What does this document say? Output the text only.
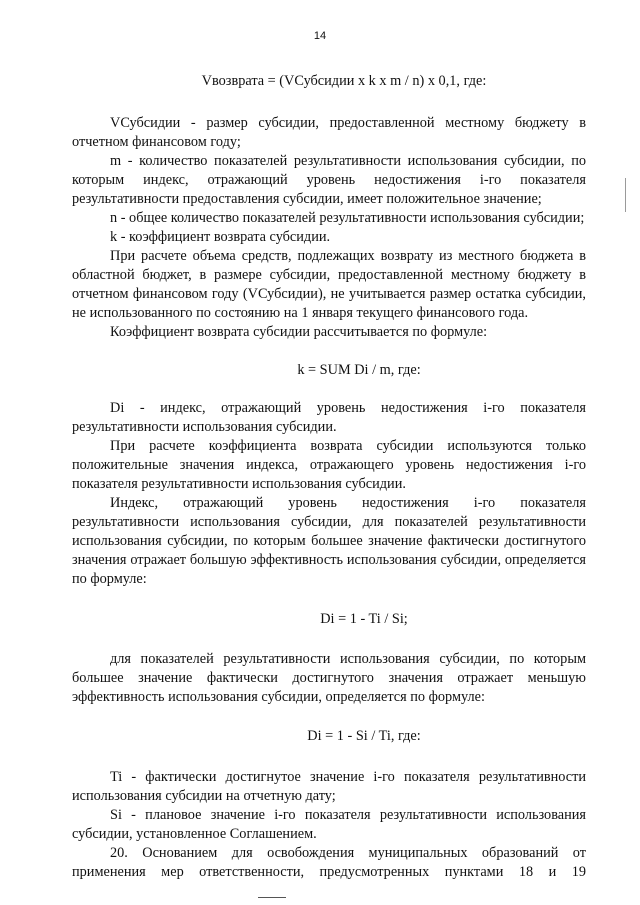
14

Vвозврата = (VСубсидии х k х m / n) х 0,1, где:

VСубсидии - размер субсидии, предоставленной местному бюджету в отчетном финансовом году;

m - количество показателей результативности использования субсидии, по которым индекс, отражающий уровень недостижения i-го показателя результативности предоставления субсидии, имеет положительное значение;

n - общее количество показателей результативности использования субсидии;

k - коэффициент возврата субсидии.

При расчете объема средств, подлежащих возврату из местного бюджета в областной бюджет, в размере субсидии, предоставленной местному бюджету в отчетном финансовом году (VСубсидии), не учитывается размер остатка субсидии, не использованного по состоянию на 1 января текущего финансового года.

Коэффициент возврата субсидии рассчитывается по формуле:

k = SUM Di / m, где:

Di - индекс, отражающий уровень недостижения i-го показателя результативности использования субсидии.

При расчете коэффициента возврата субсидии используются только положительные значения индекса, отражающего уровень недостижения i-го показателя результативности использования субсидии.

Индекс, отражающий уровень недостижения i-го показателя результативности использования субсидии, для показателей результативности использования субсидии, по которым большее значение фактически достигнутого значения отражает большую эффективность использования субсидии, определяется по формуле:

Di = 1 - Ti / Si;

для показателей результативности использования субсидии, по которым большее значение фактически достигнутого значения отражает меньшую эффективность использования субсидии, определяется по формуле:

Di = 1 - Si / Ti, где:

Ti - фактически достигнутое значение i-го показателя результативности использования субсидии на отчетную дату;

Si - плановое значение i-го показателя результативности использования субсидии, установленное Соглашением.

20. Основанием для освобождения муниципальных образований от применения мер ответственности, предусмотренных пунктами 18 и 19
